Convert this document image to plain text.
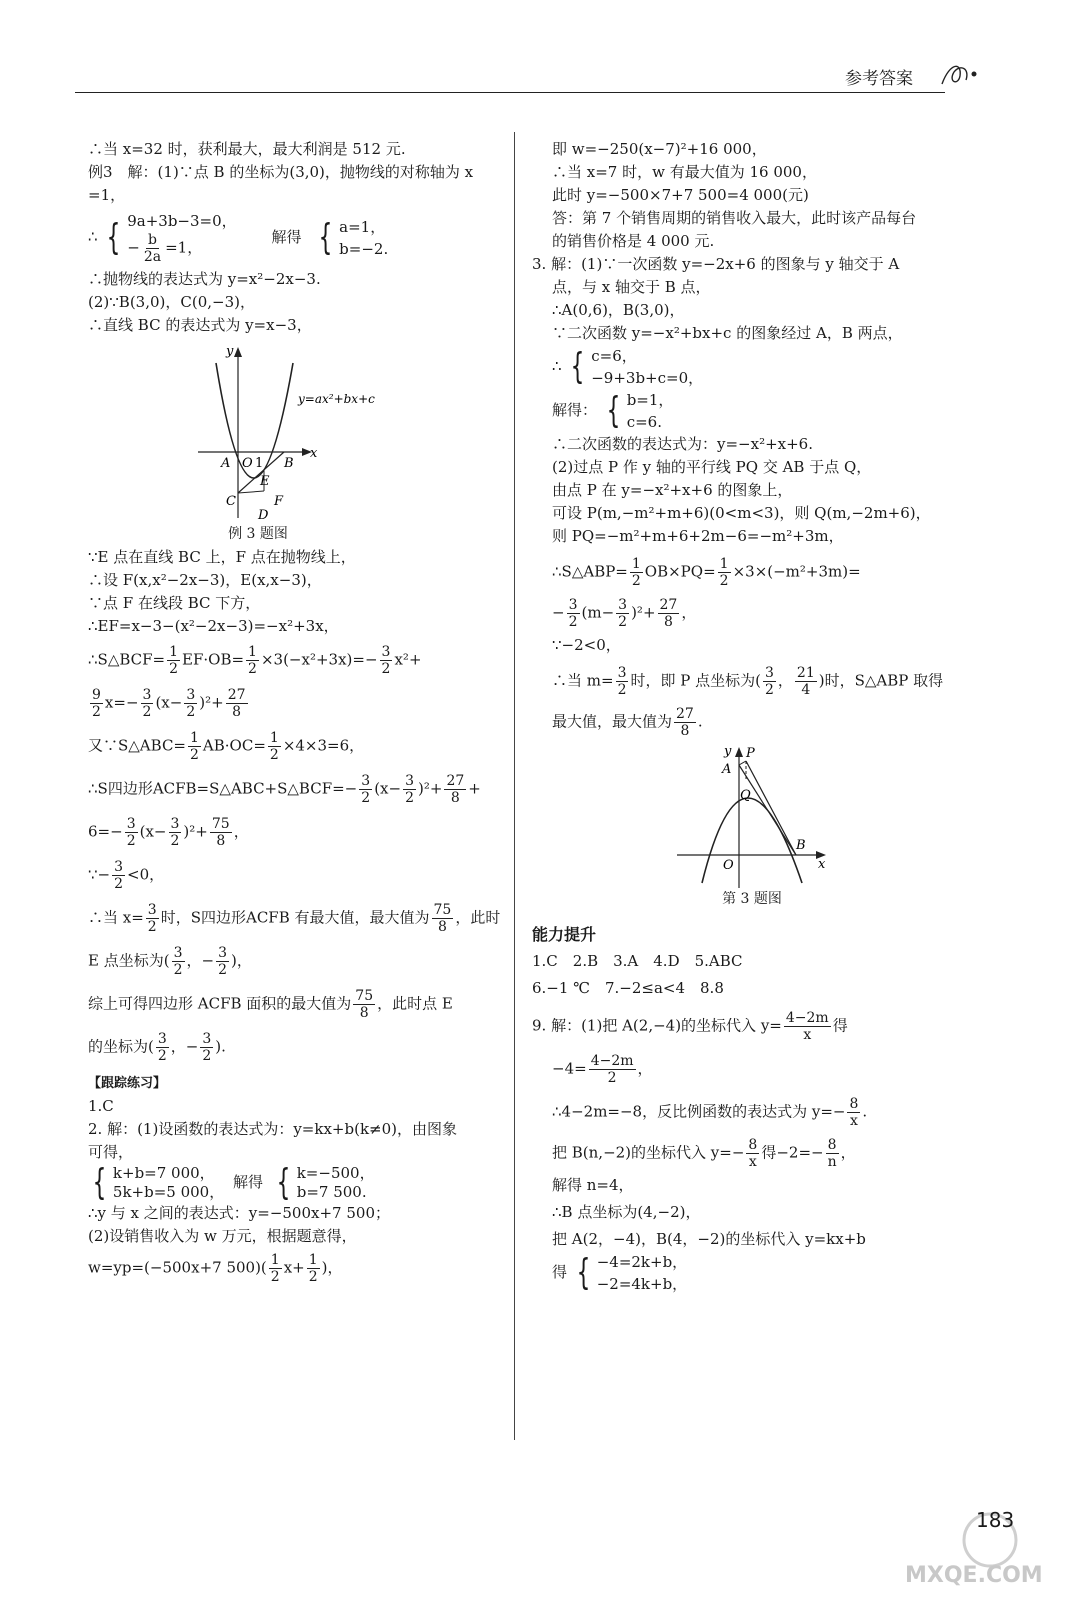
参考答案
∴当 x=32 时，获利最大，最大利润是 512 元.
例3　解：(1)∵点 B 的坐标为(3,0)，抛物线的对称轴为 x
=1，
∴ { 9a+3b−3=0，
− $\frac{b}{2a} =1$，
解得 { a=1，
b=−2.
∴抛物线的表达式为 y=x²−2x−3.
(2)∵B(3,0)，C(0,−3)，
∴直线 BC 的表达式为 y=x−3，
y
x
y=ax²+bx+c
A O 1 B
C
E
F
D
例 3 题图
∵E 点在直线 BC 上，F 点在抛物线上，
∴设 F(x,x²−2x−3)，E(x,x−3)，
∵点 F 在线段 BC 下方，
∴EF=x−3−(x²−2x−3)=−x²+3x，
∴S△BCF= $\frac{1}{2} EF\cdot OB= \frac{1}{2} \times 3(-x^2+3x)=- \frac{3}{2} x^2+$
$\frac{9}{2} x=- \frac{3}{2} (x- \frac{3}{2} )^2+ \frac{27}{8}$
又∵S△ABC= $\frac{1}{2} AB\cdot OC= \frac{1}{2} \times 4\times 3=6$，
∴S四边形ACFB=S△ABC+S△BCF=− $\frac{3}{2} (x- \frac{3}{2} )^2+ \frac{27}{8}$ +
$6=- \frac{3}{2} (x- \frac{3}{2} )^2+ \frac{75}{8}$ ，
∵− $\frac{3}{2} <0$，
∴当 $x= \frac{3}{2}$ 时，S四边形ACFB 有最大值，最大值为 $\frac{75}{8}$ ，此时
E 点坐标为( $\frac{3}{2}$ ，− $\frac{3}{2}$ )，
综上可得四边形 ACFB 面积的最大值为 $\frac{75}{8}$ ，此时点 E
的坐标为( $\frac{3}{2}$ ，− $\frac{3}{2}$ ).
【跟踪练习】
1.C
2. 解：(1)设函数的表达式为：y=kx+b(k≠0)，由图象
可得，
{ k+b=7 000，
5k+b=5 000，
解得 { k=−500，
b=7 500.
∴y 与 x 之间的表达式：y=−500x+7 500；
(2)设销售收入为 w 万元，根据题意得，
w=yp=(−500x+7 $500)( \frac{1}{2} x+ \frac{1}{2}$ )，
即 w=−250(x−7)²+16 000，
∴当 x=7 时，w 有最大值为 16 000，
此时 y=−500×7+7 500=4 000(元)
答：第 7 个销售周期的销售收入最大，此时该产品每台
的销售价格是 4 000 元.
3. 解：(1)∵一次函数 y=−2x+6 的图象与 y 轴交于 A
点，与 x 轴交于 B 点，
∴A(0,6)，B(3,0)，
∵二次函数 y=−x²+bx+c 的图象经过 A，B 两点，
∴ { c=6，
−9+3b+c=0，
解得： { b=1，
c=6.
∴二次函数的表达式为：y=−x²+x+6.
(2)过点 P 作 y 轴的平行线 PQ 交 AB 于点 Q，
由点 P 在 y=−x²+x+6 的图象上，
可设 P(m,−m²+m+6)(0<m<3)，则 Q(m,−2m+6)，
则 PQ=−m²+m+6+2m−6=−m²+3m，
∴S△ABP= $\frac{1}{2} OB\times PQ= \frac{1}{2} \times 3\times(-m^2+3m)=$
− $\frac{3}{2} (m- \frac{3}{2} )^2+ \frac{27}{8}$ ，
∵−2<0，
∴当 $m= \frac{3}{2}$ 时，即 P 点坐标为( $\frac{3}{2}$ ， $\frac{21}{4}$ )时，S△ABP 取得
最大值，最大值为 $\frac{27}{8}$ .
y
x
P
A
Q
B
O
第 3 题图
能力提升
1.C　2.B　3.A　4.D　5.ABC
6.−1 ℃　7.−2≤a<4　8.8
9. 解：(1)把 A(2,−4)的坐标代入 $y= \frac{4-2m}{x}$ 得
$-4= \frac{4-2m}{2}$ ，
∴4−2m=−8，反比例函数的表达式为 $y=- \frac{8}{x}$ .
把 B(n,−2)的坐标代入 $y=- \frac{8}{x}$ 得$-2=- \frac{8}{n}$ ，
解得 n=4，
∴B 点坐标为(4,−2)，
把 A(2，−4)，B(4，−2)的坐标代入 y=kx+b
得 { −4=2k+b，
−2=4k+b，
MXQE.COM
183
